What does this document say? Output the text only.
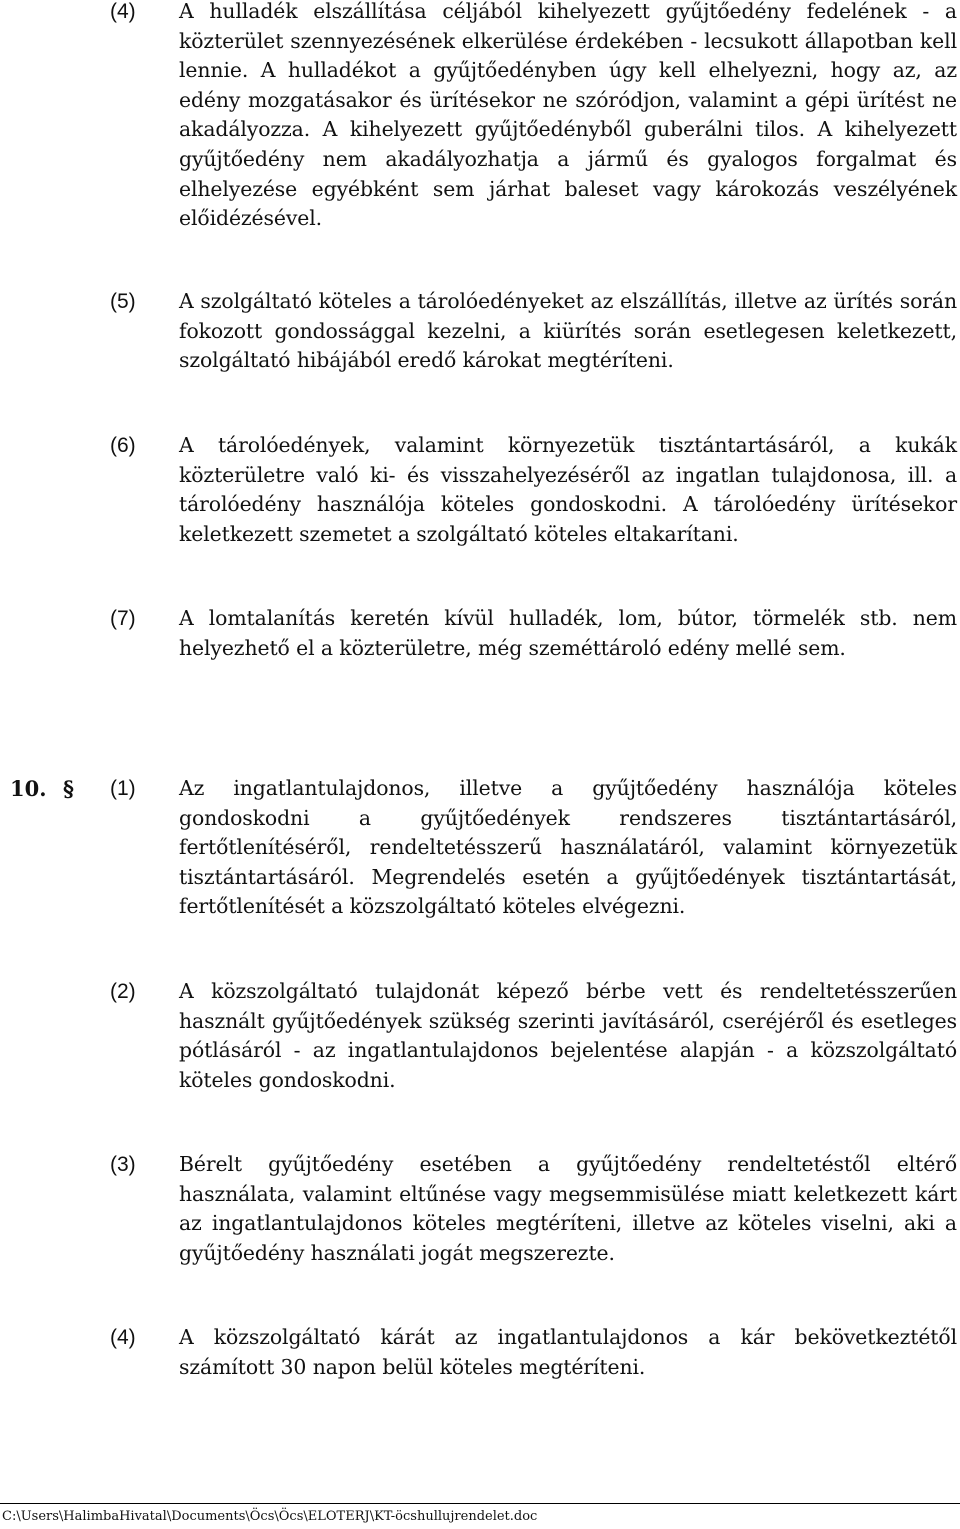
(4) A hulladék elszállítása céljából kihelyezett gyűjtőedény fedelének - a közterület szennyezésének elkerülése érdekében - lecsukott állapotban kell lennie. A hulladékot a gyűjtőedényben úgy kell elhelyezni, hogy az, az edény mozgatásakor és ürítésekor ne szóródjon, valamint a gépi ürítést ne akadályozza. A kihelyezett gyűjtőedényből guberálni tilos. A kihelyezett gyűjtőedény nem akadályozhatja a jármű és gyalogos forgalmat és elhelyezése egyébként sem járhat baleset vagy károkozás veszélyének előidézésével.
(5) A szolgáltató köteles a tárolóedényeket az elszállítás, illetve az ürítés során fokozott gondossággal kezelni, a kiürítés során esetlegesen keletkezett, szolgáltató hibájából eredő károkat megtéríteni.
(6) A tárolóedények, valamint környezetük tisztántartásáról, a kukák közterületre való ki- és visszahelyezéséről az ingatlan tulajdonosa, ill. a tárolóedény használója köteles gondoskodni. A tárolóedény ürítésekor keletkezett szemetet a szolgáltató köteles eltakarítani.
(7) A lomtalanítás keretén kívül hulladék, lom, bútor, törmelék stb. nem helyezhető el a közterületre, még szeméttároló edény mellé sem.
10. § (1) Az ingatlantulajdonos, illetve a gyűjtőedény használója köteles gondoskodni a gyűjtőedények rendszeres tisztántartásáról, fertőtlenítéséről, rendeltetésszerű használatáról, valamint környezetük tisztántartásáról. Megrendelés esetén a gyűjtőedények tisztántartását, fertőtlenítését a közszolgáltató köteles elvégezni.
(2) A közszolgáltató tulajdonát képező bérbe vett és rendeltetésszerűen használt gyűjtőedények szükség szerinti javításáról, cseréjéről és esetleges pótlásáról - az ingatlantulajdonos bejelentése alapján - a közszolgáltató köteles gondoskodni.
(3) Bérelt gyűjtőedény esetében a gyűjtőedény rendeltetéstől eltérő használata, valamint eltűnése vagy megsemmisülése miatt keletkezett kárt az ingatlantulajdonos köteles megtéríteni, illetve az köteles viselni, aki a gyűjtőedény használati jogát megszerezte.
(4) A közszolgáltató kárát az ingatlantulajdonos a kár bekövetkeztétől számított 30 napon belül köteles megtéríteni.
C:\Users\HalimbaHivatal\Documents\Öcs\Öcs\ELOTERJ\KT-öcshullujrendelet.doc
